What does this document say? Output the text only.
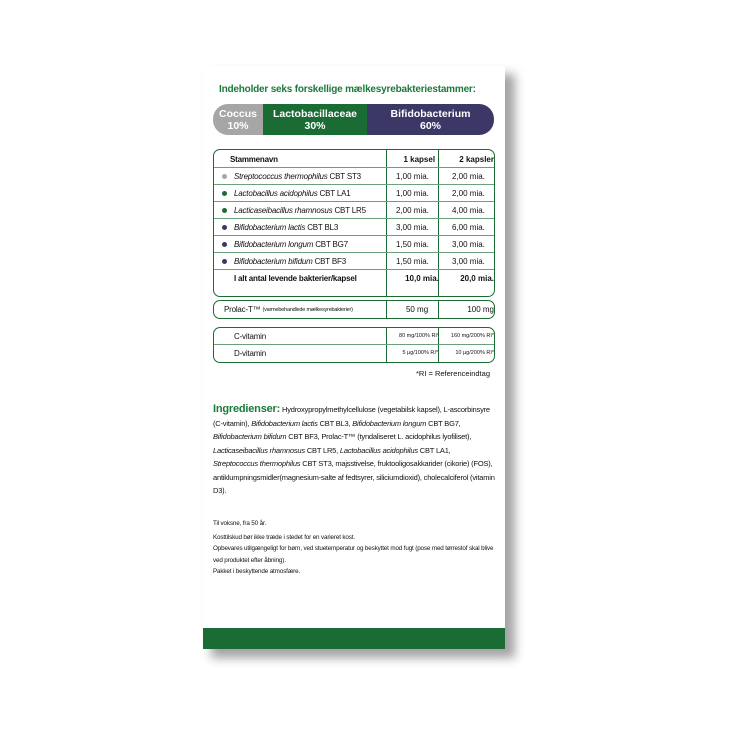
Indeholder seks forskellige mælkesyrebakteriestammer:
Coccus
10%
Lactobacillaceae
30%
Bifidobacterium
60%
Stammenavn	1 kapsel	2 kapsler
Streptococcus thermophilus
CBT ST3	1,00 mia.	2,00 mia.
Lactobacillus acidophilus
CBT LA1	1,00 mia.	2,00 mia.
Lacticaseibacillus rhamnosus
CBT LR5	2,00 mia.	4,00 mia.
Bifidobacterium lactis
CBT BL3	3,00 mia.	6,00 mia.
Bifidobacterium longum
CBT BG7	1,50 mia.	3,00 mia.
Bifidobacterium bifidum
CBT BF3	1,50 mia.	3,00 mia.
I alt antal levende bakterier/kapsel	10,0 mia.	20,0 mia.
Prolac-T™
(varmebehandlede mælkesyrebakterier)	50 mg	100 mg
C-vitamin	80 mg/100% RI*	160 mg/200% RI*
D-vitamin	5 µg/100% RI*	10 µg/200% RI*
*RI = Referenceindtag
Ingredienser: Hydroxypropylmethylcellulose (vegetabilsk kapsel), L-ascorbinsyre (C-vitamin), Bifidobacterium lactis CBT BL3, Bifidobacterium longum CBT BG7, Bifidobacterium bifidum CBT BF3, Prolac-T™ (tyndaliseret L. acidophilus lyofiliset), Lacticaseibacillus rhamnosus CBT LR5, Lactobacillus acidophilus CBT LA1, Streptococcus thermophilus CBT ST3, majsstivelse, fruktooligosakkarider (cikorie) (FOS), antiklumpningsmidler(magnesium-salte af fedtsyrer, siliciumdioxid), cholecalciferol (vitamin D3).
Til voksne, fra 50 år.
Kosttilskud bør ikke træde i stedet for en varieret kost.
Opbevares utilgængeligt for børn, ved stuetemperatur og beskyttet mod fugt (pose med tørrestof skal blive ved produktet efter åbning).
Pakket i beskyttende atmosfære.
